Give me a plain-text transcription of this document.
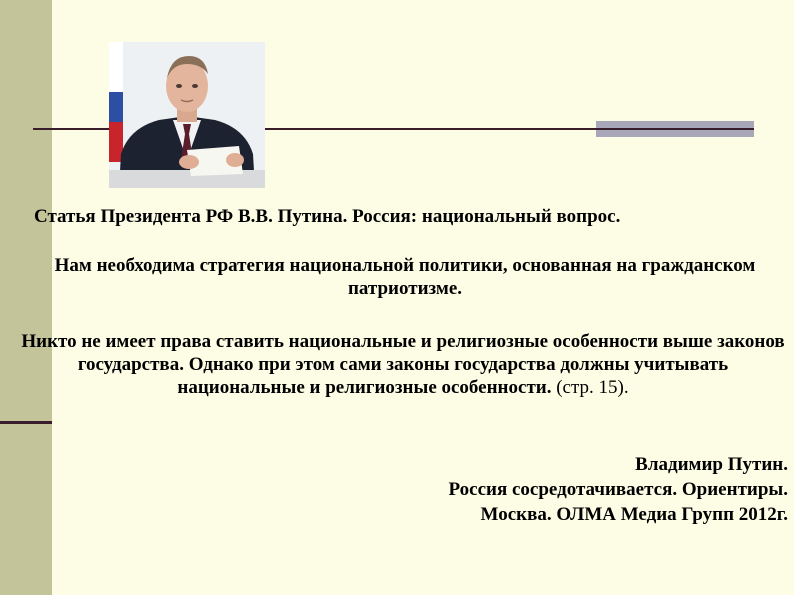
Статья Президента РФ В.В. Путина. Россия: национальный вопрос.
Нам необходима стратегия национальной политики, основанная на гражданском патриотизме.
Никто не имеет права ставить национальные и религиозные особенности выше законов государства. Однако при этом сами законы государства должны учитывать национальные и религиозные особенности. (стр. 15).
Владимир Путин.
Россия сосредотачивается. Ориентиры.
Москва. ОЛМА Медиа Групп 2012г.
